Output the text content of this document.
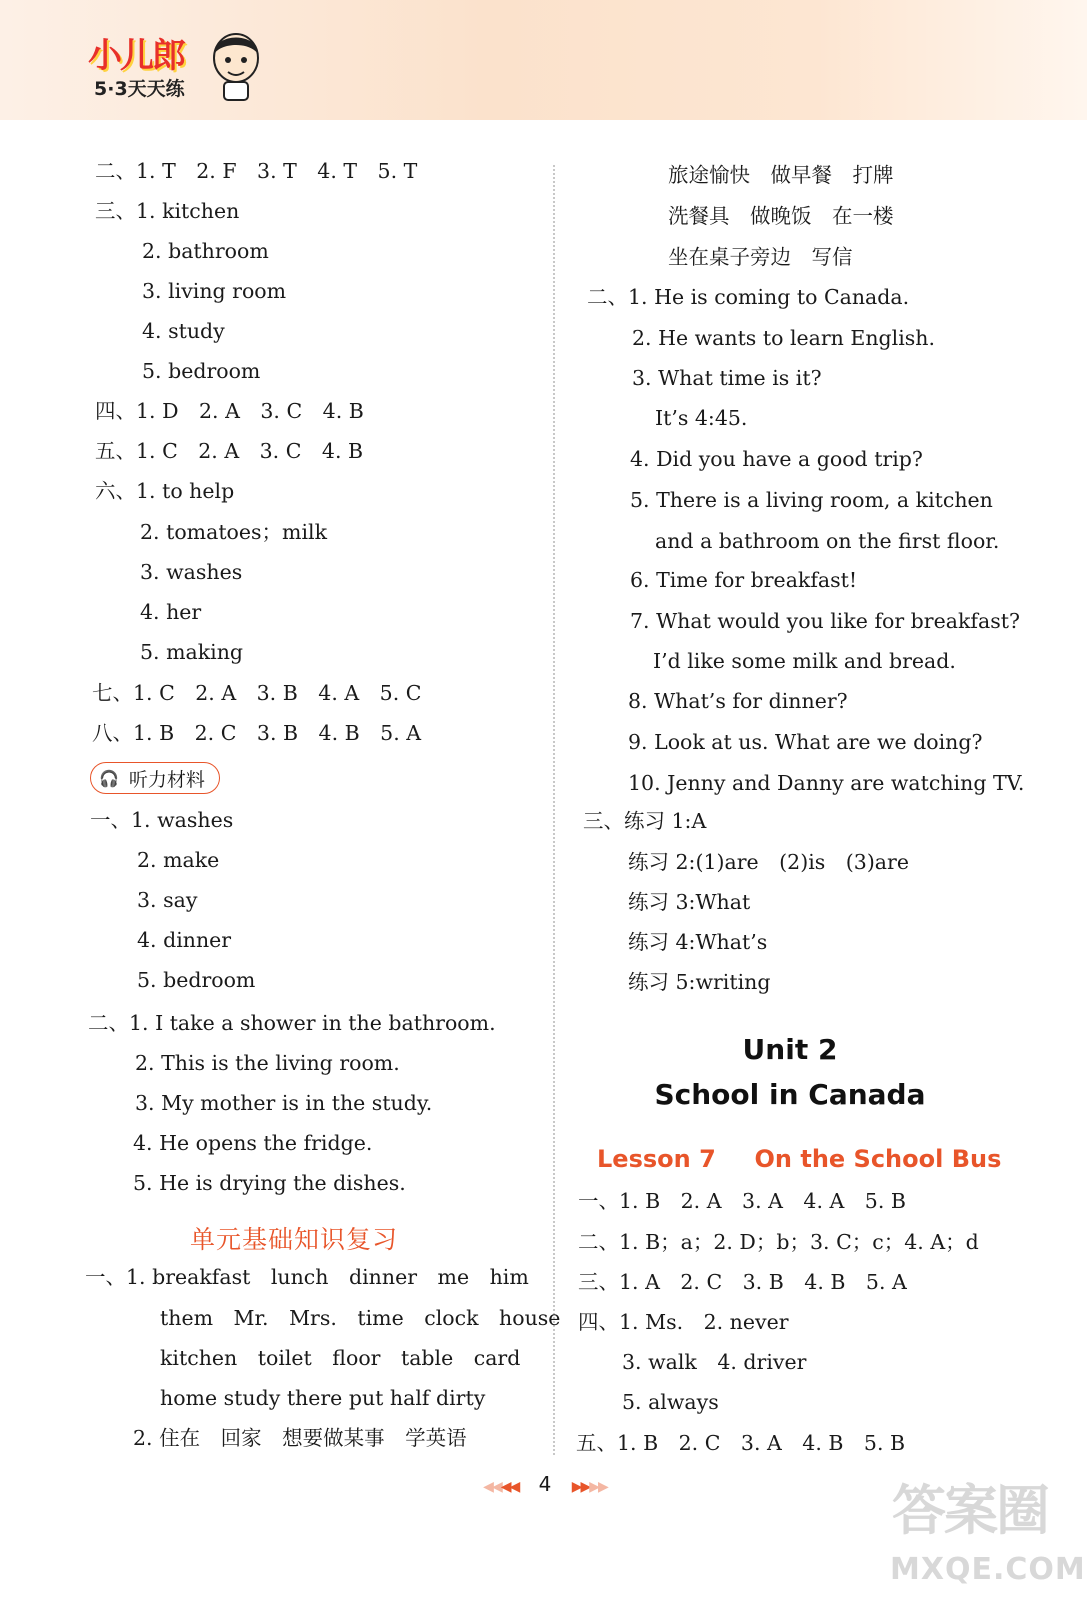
小儿郎
5·3天天练
二、1. T　2. F　3. T　4. T　5. T
三、1. kitchen
2. bathroom
3. living room
4. study
5. bedroom
四、1. D　2. A　3. C　4. B
五、1. C　2. A　3. C　4. B
六、1. to help
2. tomatoes；milk
3. washes
4. her
5. making
七、1. C　2. A　3. B　4. A　5. C
八、1. B　2. C　3. B　4. B　5. A
一、1. washes
2. make
3. say
4. dinner
5. bedroom
二、1. I take a shower in the bathroom.
2. This is the living room.
3. My mother is in the study.
4. He opens the fridge.
5. He is drying the dishes.
一、1. breakfast　lunch　dinner　me　him
them　Mr.　Mrs.　time　clock　house
kitchen　toilet　floor　table　card
home study there put half dirty
2. 住在　回家　想要做某事　学英语
旅途愉快　做早餐　打牌
洗餐具　做晚饭　在一楼
坐在桌子旁边　写信
二、1. He is coming to Canada.
2. He wants to learn English.
3. What time is it?
It’s 4:45.
4. Did you have a good trip?
5. There is a living room, a kitchen
and a bathroom on the first floor.
6. Time for breakfast!
7. What would you like for breakfast?
I’d like some milk and bread.
8. What’s for dinner?
9. Look at us. What are we doing?
10. Jenny and Danny are watching TV.
三、练习 1:A
练习 2:(1)are　(2)is　(3)are
练习 3:What
练习 4:What’s
练习 5:writing
一、1. B　2. A　3. A　4. A　5. B
二、1. B；a；2. D；b；3. C；c；4. A；d
三、1. A　2. C　3. B　4. B　5. A
四、1. Ms.　2. never
3. walk　4. driver
5. always
五、1. B　2. C　3. A　4. B　5. B
🎧 听力材料
单元基础知识复习
Unit 2
School in Canada
Lesson 7 On the School Bus
◀◀◀◀ 4 ▶▶▶▶	答案圈
MXQE.COM
